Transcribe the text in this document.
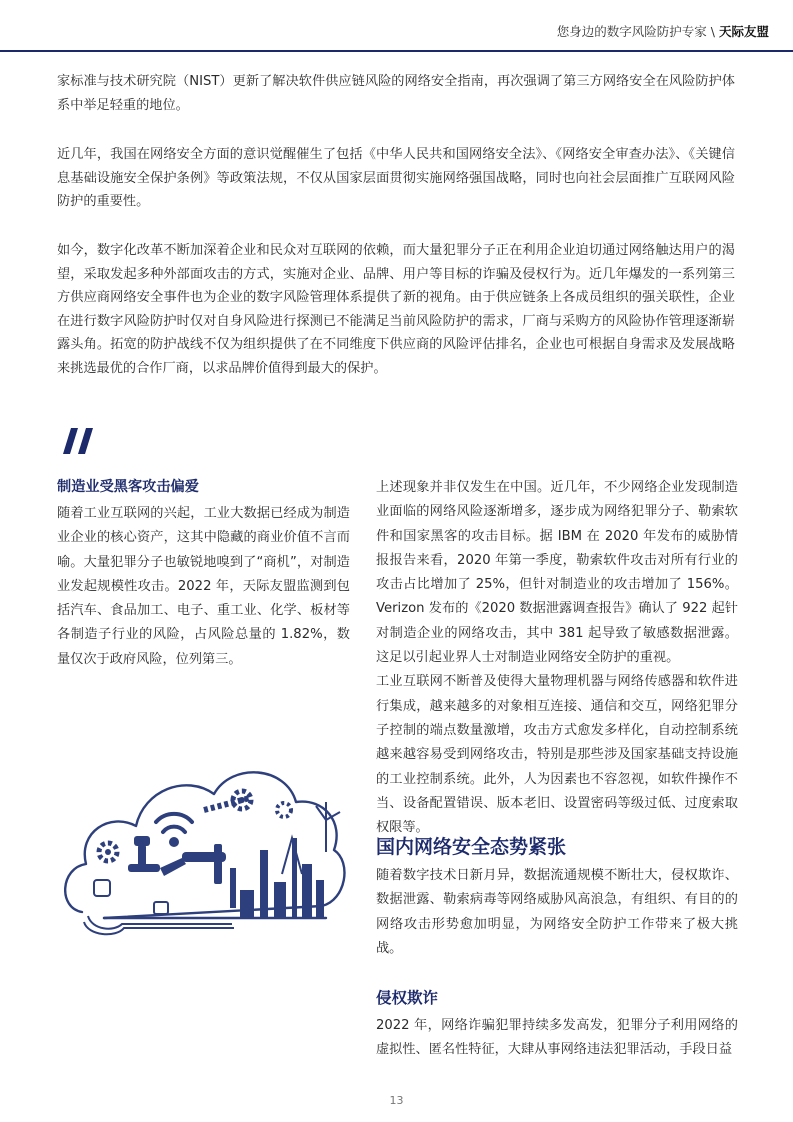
您身边的数字风险防护专家 \ 天际友盟

家标准与技术研究院（NIST）更新了解决软件供应链风险的网络安全指南，再次强调了第三方网络安全在风险防护体系中举足轻重的地位。

近几年，我国在网络安全方面的意识觉醒催生了包括《中华人民共和国网络安全法》、《网络安全审查办法》、《关键信息基础设施安全保护条例》等政策法规，不仅从国家层面贯彻实施网络强国战略，同时也向社会层面推广互联网风险防护的重要性。

如今，数字化改革不断加深着企业和民众对互联网的依赖，而大量犯罪分子正在利用企业迫切通过网络触达用户的渴望，采取发起多种外部面攻击的方式，实施对企业、品牌、用户等目标的诈骗及侵权行为。近几年爆发的一系列第三方供应商网络安全事件也为企业的数字风险管理体系提供了新的视角。由于供应链条上各成员组织的强关联性，企业在进行数字风险防护时仅对自身风险进行探测已不能满足当前风险防护的需求，厂商与采购方的风险协作管理逐渐崭露头角。拓宽的防护战线不仅为组织提供了在不同维度下供应商的风险评估排名，企业也可根据自身需求及发展战略来挑选最优的合作厂商，以求品牌价值得到最大的保护。

制造业受黑客攻击偏爱

随着工业互联网的兴起，工业大数据已经成为制造业企业的核心资产，这其中隐藏的商业价值不言而喻。大量犯罪分子也敏锐地嗅到了“商机”，对制造业发起规模性攻击。2022 年，天际友盟监测到包括汽车、食品加工、电子、重工业、化学、板材等各制造子行业的风险，占风险总量的 1.82%，数量仅次于政府风险，位列第三。

上述现象并非仅发生在中国。近几年，不少网络企业发现制造业面临的网络风险逐渐增多，逐步成为网络犯罪分子、勒索软件和国家黑客的攻击目标。据 IBM 在 2020 年发布的威胁情报报告来看，2020 年第一季度，勒索软件攻击对所有行业的攻击占比增加了 25%，但针对制造业的攻击增加了 156%。Verizon 发布的《2020 数据泄露调查报告》确认了 922 起针对制造企业的网络攻击，其中 381 起导致了敏感数据泄露。这足以引起业界人士对制造业网络安全防护的重视。

工业互联网不断普及使得大量物理机器与网络传感器和软件进行集成，越来越多的对象相互连接、通信和交互，网络犯罪分子控制的端点数量激增，攻击方式愈发多样化，自动控制系统越来越容易受到网络攻击，特别是那些涉及国家基础支持设施的工业控制系统。此外，人为因素也不容忽视，如软件操作不当、设备配置错误、版本老旧、设置密码等级过低、过度索取权限等。

国内网络安全态势紧张

随着数字技术日新月异，数据流通规模不断壮大，侵权欺诈、数据泄露、勒索病毒等网络威胁风高浪急，有组织、有目的的网络攻击形势愈加明显，为网络安全防护工作带来了极大挑战。

侵权欺诈

2022 年，网络诈骗犯罪持续多发高发，犯罪分子利用网络的虚拟性、匿名性特征，大肆从事网络违法犯罪活动，手段日益

13
